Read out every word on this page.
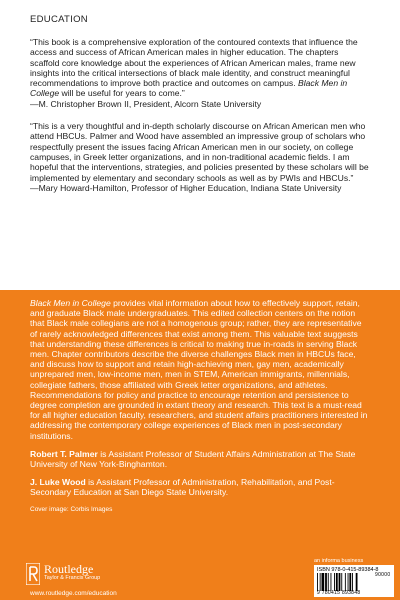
EDUCATION

“This book is a comprehensive exploration of the contoured contexts that influence the access and success of African American males in higher education. The chapters scaffold core knowledge about the experiences of African American males, frame new insights into the critical intersections of black male identity, and construct meaningful recommendations to improve both practice and outcomes on campus. Black Men in College will be useful for years to come.”
—M. Christopher Brown II, President, Alcorn State University

“This is a very thoughtful and in-depth scholarly discourse on African American men who attend HBCUs. Palmer and Wood have assembled an impressive group of scholars who respectfully present the issues facing African American men in our society, on college campuses, in Greek letter organizations, and in non-traditional academic fields. I am hopeful that the interventions, strategies, and policies presented by these scholars will be implemented by elementary and secondary schools as well as by PWIs and HBCUs.”
—Mary Howard-Hamilton, Professor of Higher Education, Indiana State University

Black Men in College provides vital information about how to effectively support, retain, and graduate Black male undergraduates. This edited collection centers on the notion that Black male collegians are not a homogenous group; rather, they are representative of rarely acknowledged differences that exist among them. This valuable text suggests that understanding these differences is critical to making true in-roads in serving Black men. Chapter contributors describe the diverse challenges Black men in HBCUs face, and discuss how to support and retain high-achieving men, gay men, academically unprepared men, low-income men, men in STEM, American immigrants, millennials, collegiate fathers, those affiliated with Greek letter organizations, and athletes. Recommendations for policy and practice to encourage retention and persistence to degree completion are grounded in extant theory and research. This text is a must-read for all higher education faculty, researchers, and student affairs practitioners interested in addressing the contemporary college experiences of Black men in post-secondary institutions.

Robert T. Palmer is Assistant Professor of Student Affairs Administration at The State University of New York-Binghamton.

J. Luke Wood is Assistant Professor of Administration, Rehabilitation, and Post-Secondary Education at San Diego State University.

Cover image: Corbis Images
Routledge
Taylor & Francis Group
www.routledge.com/education
an informa business
ISBN 978-0-415-89384-8
90000
9 780415 893848
